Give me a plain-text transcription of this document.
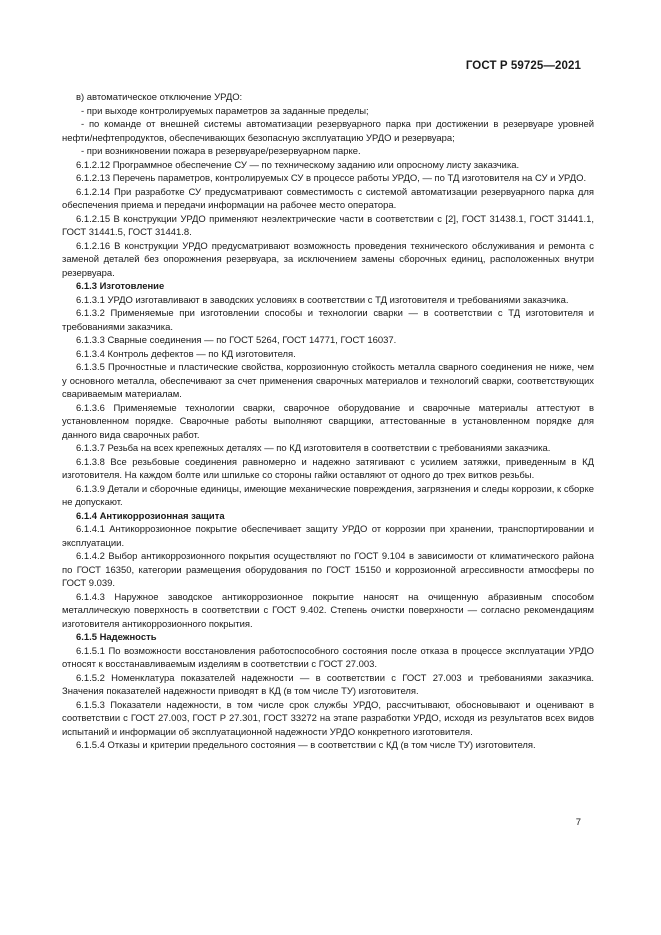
ГОСТ Р 59725—2021

в) автоматическое отключение УРДО:

- при выходе контролируемых параметров за заданные пределы;

- по команде от внешней системы автоматизации резервуарного парка при достижении в резервуаре уровней нефти/нефтепродуктов, обеспечивающих безопасную эксплуатацию УРДО и резервуара;

- при возникновении пожара в резервуаре/резервуарном парке.

6.1.2.12 Программное обеспечение СУ — по техническому заданию или опросному листу заказчика.

6.1.2.13 Перечень параметров, контролируемых СУ в процессе работы УРДО, — по ТД изготовителя на СУ и УРДО.

6.1.2.14 При разработке СУ предусматривают совместимость с системой автоматизации резервуарного парка для обеспечения приема и передачи информации на рабочее место оператора.

6.1.2.15 В конструкции УРДО применяют неэлектрические части в соответствии с [2], ГОСТ 31438.1, ГОСТ 31441.1, ГОСТ 31441.5, ГОСТ 31441.8.

6.1.2.16 В конструкции УРДО предусматривают возможность проведения технического обслуживания и ремонта с заменой деталей без опорожнения резервуара, за исключением замены сборочных единиц, расположенных внутри резервуара.

6.1.3 Изготовление

6.1.3.1 УРДО изготавливают в заводских условиях в соответствии с ТД изготовителя и требованиями заказчика.

6.1.3.2 Применяемые при изготовлении способы и технологии сварки — в соответствии с ТД изготовителя и требованиями заказчика.

6.1.3.3 Сварные соединения — по ГОСТ 5264, ГОСТ 14771, ГОСТ 16037.

6.1.3.4 Контроль дефектов — по КД изготовителя.

6.1.3.5 Прочностные и пластические свойства, коррозионную стойкость металла сварного соединения не ниже, чем у основного металла, обеспечивают за счет применения сварочных материалов и технологий сварки, соответствующих свариваемым материалам.

6.1.3.6 Применяемые технологии сварки, сварочное оборудование и сварочные материалы аттестуют в установленном порядке. Сварочные работы выполняют сварщики, аттестованные в установленном порядке для данного вида сварочных работ.

6.1.3.7 Резьба на всех крепежных деталях — по КД изготовителя в соответствии с требованиями заказчика.

6.1.3.8 Все резьбовые соединения равномерно и надежно затягивают с усилием затяжки, приведенным в КД изготовителя. На каждом болте или шпильке со стороны гайки оставляют от одного до трех витков резьбы.

6.1.3.9 Детали и сборочные единицы, имеющие механические повреждения, загрязнения и следы коррозии, к сборке не допускают.

6.1.4 Антикоррозионная защита

6.1.4.1 Антикоррозионное покрытие обеспечивает защиту УРДО от коррозии при хранении, транспортировании и эксплуатации.

6.1.4.2 Выбор антикоррозионного покрытия осуществляют по ГОСТ 9.104 в зависимости от климатического района по ГОСТ 16350, категории размещения оборудования по ГОСТ 15150 и коррозионной агрессивности атмосферы по ГОСТ 9.039.

6.1.4.3 Наружное заводское антикоррозионное покрытие наносят на очищенную абразивным способом металлическую поверхность в соответствии с ГОСТ 9.402. Степень очистки поверхности — согласно рекомендациям изготовителя антикоррозионного покрытия.

6.1.5 Надежность

6.1.5.1 По возможности восстановления работоспособного состояния после отказа в процессе эксплуатации УРДО относят к восстанавливаемым изделиям в соответствии с ГОСТ 27.003.

6.1.5.2 Номенклатура показателей надежности — в соответствии с ГОСТ 27.003 и требованиями заказчика. Значения показателей надежности приводят в КД (в том числе ТУ) изготовителя.

6.1.5.3 Показатели надежности, в том числе срок службы УРДО, рассчитывают, обосновывают и оценивают в соответствии с ГОСТ 27.003, ГОСТ Р 27.301, ГОСТ 33272 на этапе разработки УРДО, исходя из результатов всех видов испытаний и информации об эксплуатационной надежности УРДО конкретного изготовителя.

6.1.5.4 Отказы и критерии предельного состояния — в соответствии с КД (в том числе ТУ) изготовителя.

7
